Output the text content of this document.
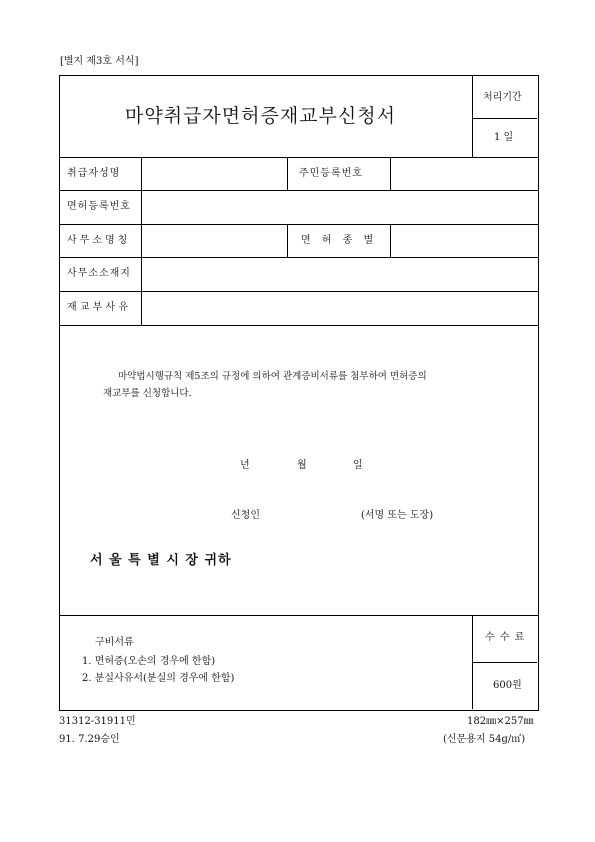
[별지 제3호 서식]
마약취급자면허증재교부신청서
처리기간
1 일
취급자성명	주민등록번호
면허등록번호
사무소명칭	면 허 종 별
사무소소재지
재 교 부 사 유
마약법시행규칙 제5조의 규정에 의하여 관계증비서류를 첨부하여 면허증의
재교부를 신청합니다.
년	월	일
신청인	(서명 또는 도장)
서 울 특 별 시 장 귀하
구비서류
1. 면허증(오손의 경우에 한함)
2. 분실사유서(분실의 경우에 한함)
수 수 료
600원
31312-31911민
91. 7.29승인
182㎜×257㎜
(신문용지 54g/㎡)
